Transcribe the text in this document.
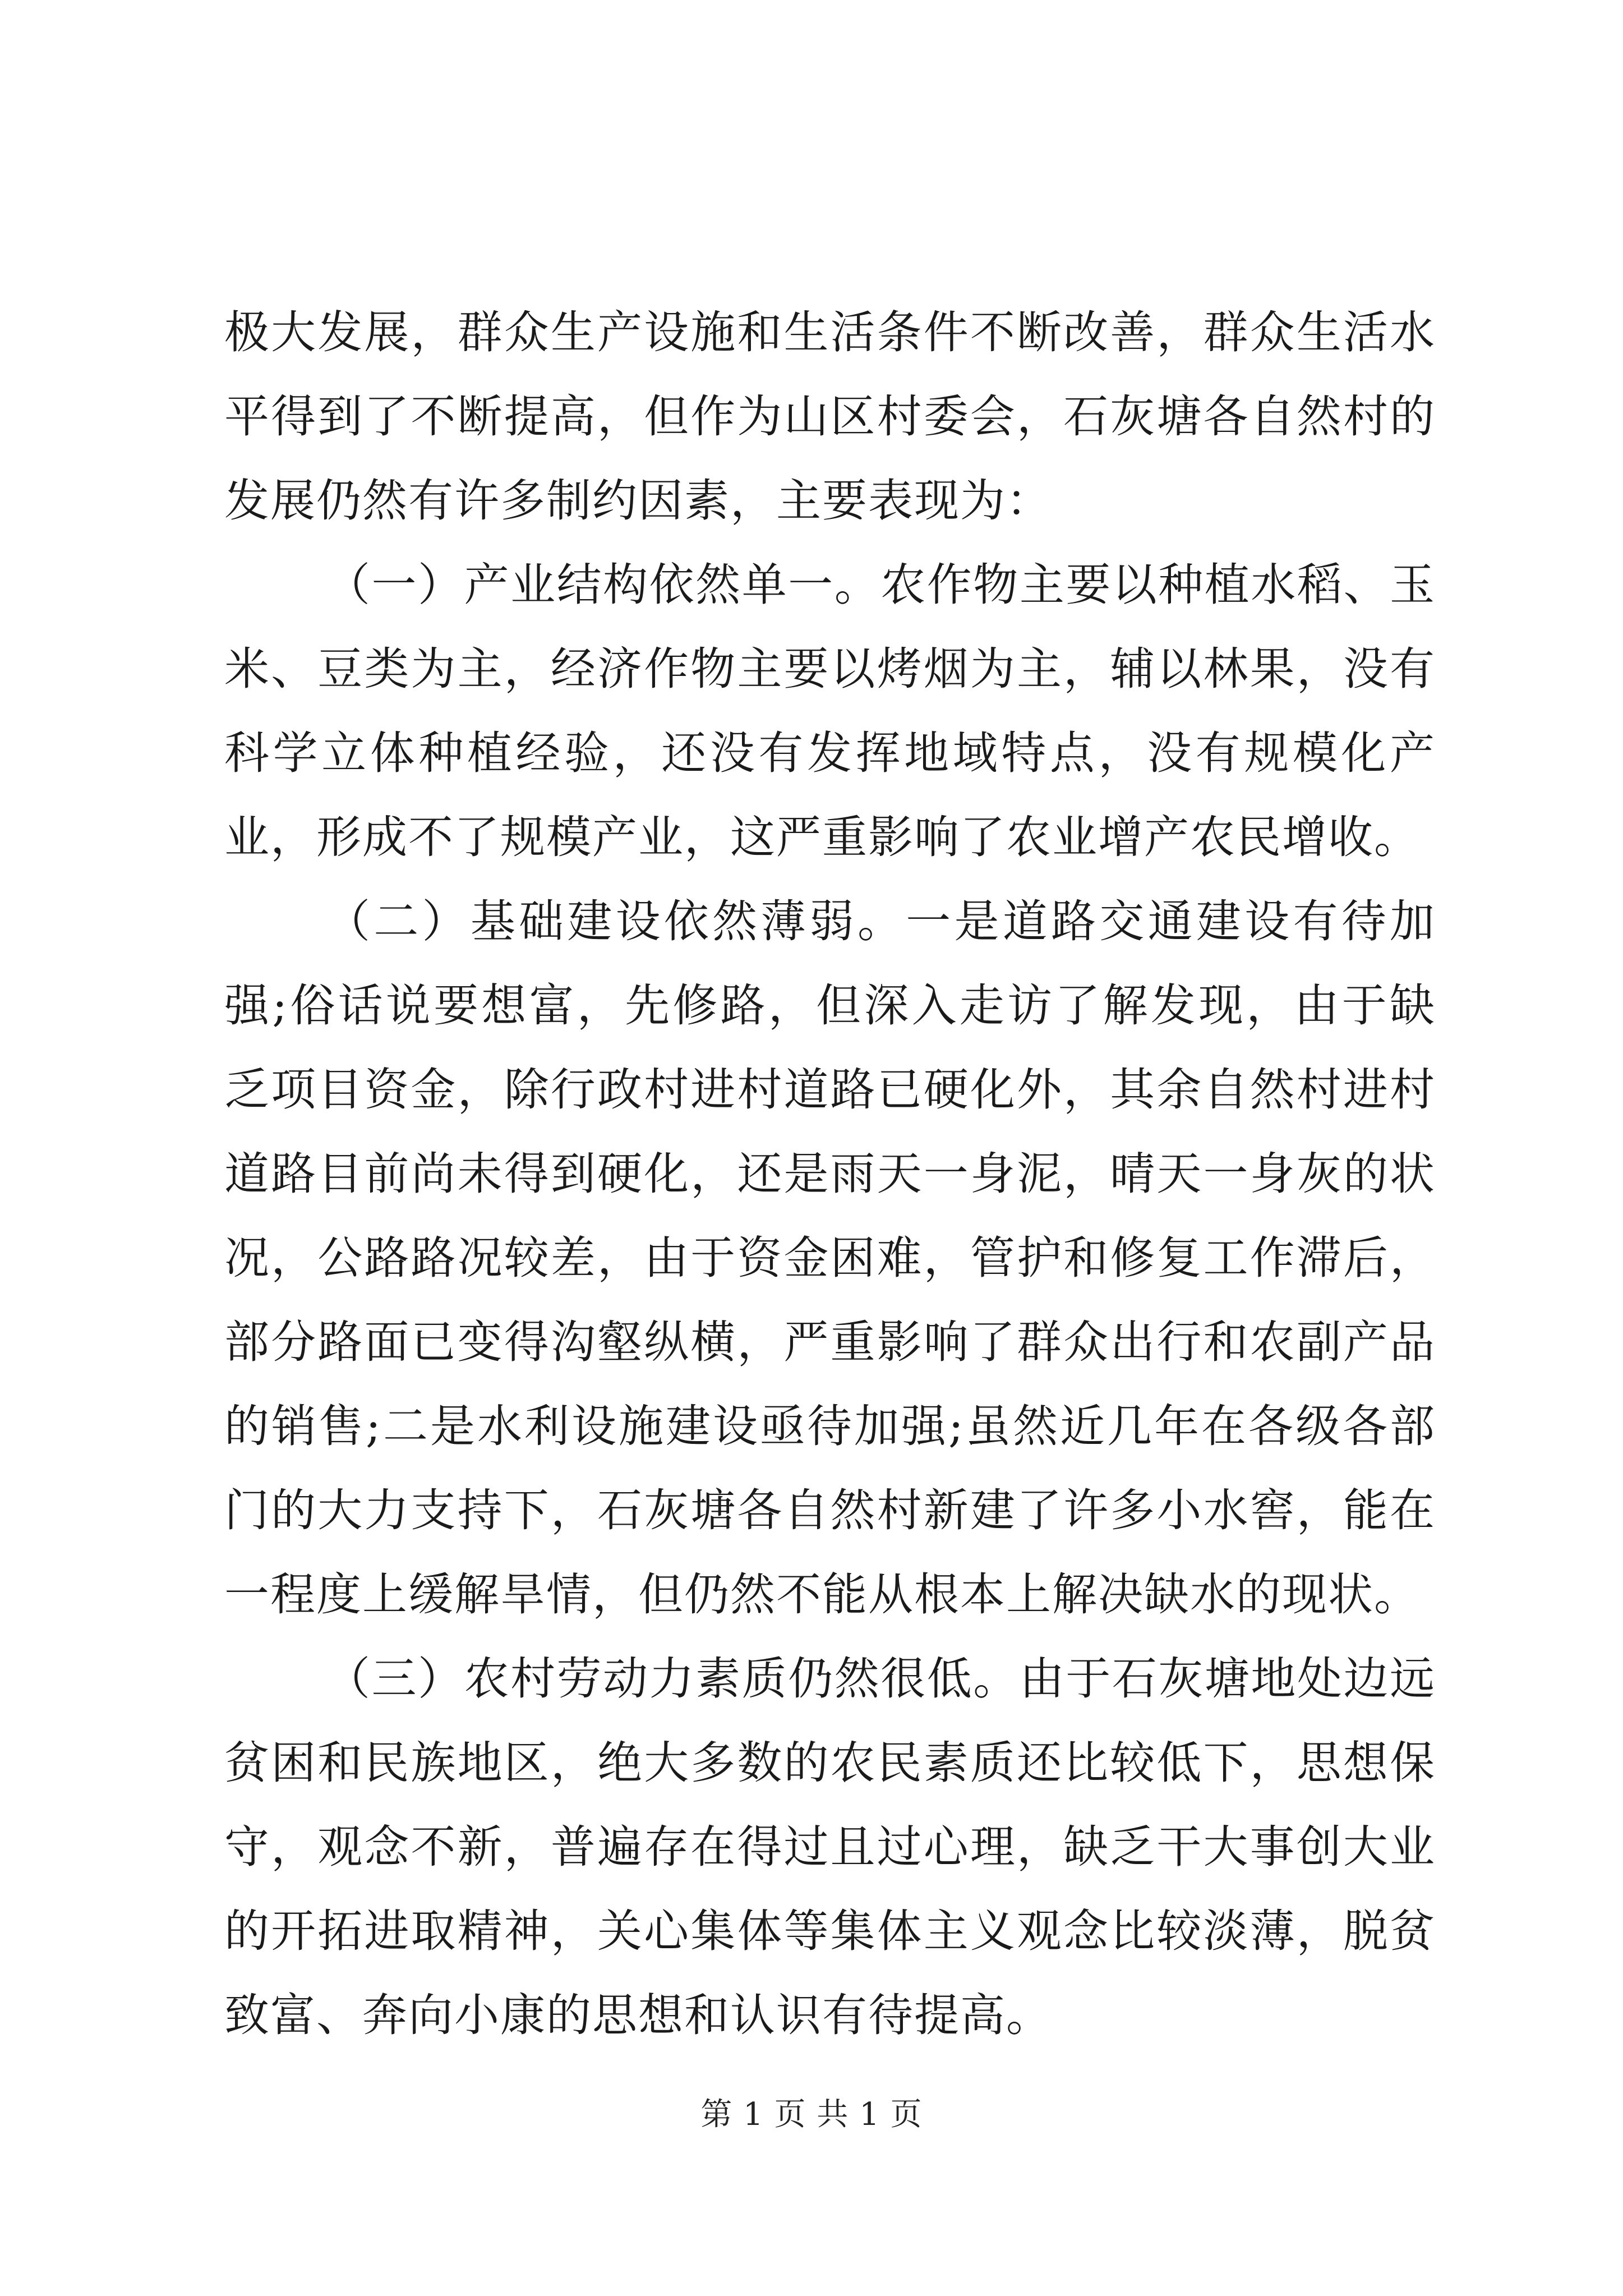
极大发展，群众生产设施和生活条件不断改善，群众生活水平得到了不断提高，但作为山区村委会，石灰塘各自然村的发展仍然有许多制约因素，主要表现为：

（一）产业结构依然单一。农作物主要以种植水稻、玉米、豆类为主，经济作物主要以烤烟为主，辅以林果，没有科学立体种植经验，还没有发挥地域特点，没有规模化产业，形成不了规模产业，这严重影响了农业增产农民增收。

（二）基础建设依然薄弱。一是道路交通建设有待加强;俗话说要想富，先修路，但深入走访了解发现，由于缺乏项目资金，除行政村进村道路已硬化外，其余自然村进村道路目前尚未得到硬化，还是雨天一身泥，晴天一身灰的状况，公路路况较差，由于资金困难，管护和修复工作滞后，部分路面已变得沟壑纵横，严重影响了群众出行和农副产品的销售;二是水利设施建设亟待加强;虽然近几年在各级各部门的大力支持下，石灰塘各自然村新建了许多小水窖，能在一程度上缓解旱情，但仍然不能从根本上解决缺水的现状。

（三）农村劳动力素质仍然很低。由于石灰塘地处边远贫困和民族地区，绝大多数的农民素质还比较低下，思想保守，观念不新，普遍存在得过且过心理，缺乏干大事创大业的开拓进取精神，关心集体等集体主义观念比较淡薄，脱贫致富、奔向小康的思想和认识有待提高。

第 1 页 共 1 页
